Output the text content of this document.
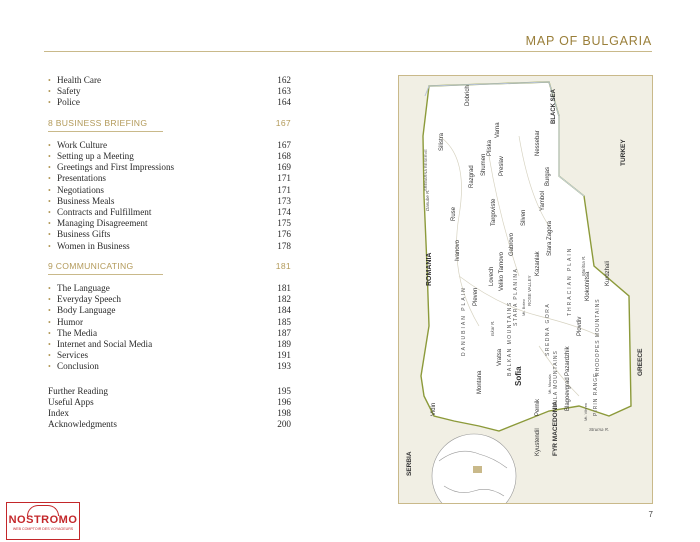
MAP OF BULGARIA
• Health Care	162
• Safety	163
• Police	164
8 BUSINESS BRIEFING	167
• Work Culture	167
• Setting up a Meeting	168
• Greetings and First Impressions	169
• Presentations	171
• Negotiations	171
• Business Meals	173
• Contracts and Fulfillment	174
• Managing Disagreement	175
• Business Gifts	176
• Women in Business	178
9 COMMUNICATING	181
• The Language	181
• Everyday Speech	182
• Body Language	184
• Humor	185
• The Media	187
• Internet and Social Media	189
• Services	191
• Conclusion	193
Further Reading	195
Useful Apps	196
Index	198
Acknowledgments	200
ROMANIA
SERBIA
FYR MACEDONIA
GREECE
TURKEY
BLACK SEA
Dobrich
Silistra
Varna
Pliska
Preslav
Shumen
Razgrad
Ruse
Nessebar
Burgas
Targoviste	Sliven
Yambol
Stara Zagora
Kazanlak
Gabrovo
Veliko Tarnovo
Lovech
Pleven
Vratsa
Montana
Vidin
Sofia
Pernik
Kyustendil
Blagoevgrad
Pazardzhik
Plovdiv
Klokotnitsa Kurdzhali
Ivanovo
DANUBIAN PLAIN	BALKAN MOUNTAINS
STARA PLANINA	THRACIAN PLAIN
SREDNA GORA	RHODOPES MOUNTAINS
RILA MOUNTAINS	PIRIN RANGE
ROSE VALLEY
Danube R.
Iskar R.
Maritsa R.
Struma R.
SREBARNA RESERVE
Mt. Botev
Mt. Musala
Mt. Vihren
7
NOSTROMO
WEB COMPTOIR DES VOYAGEURS
